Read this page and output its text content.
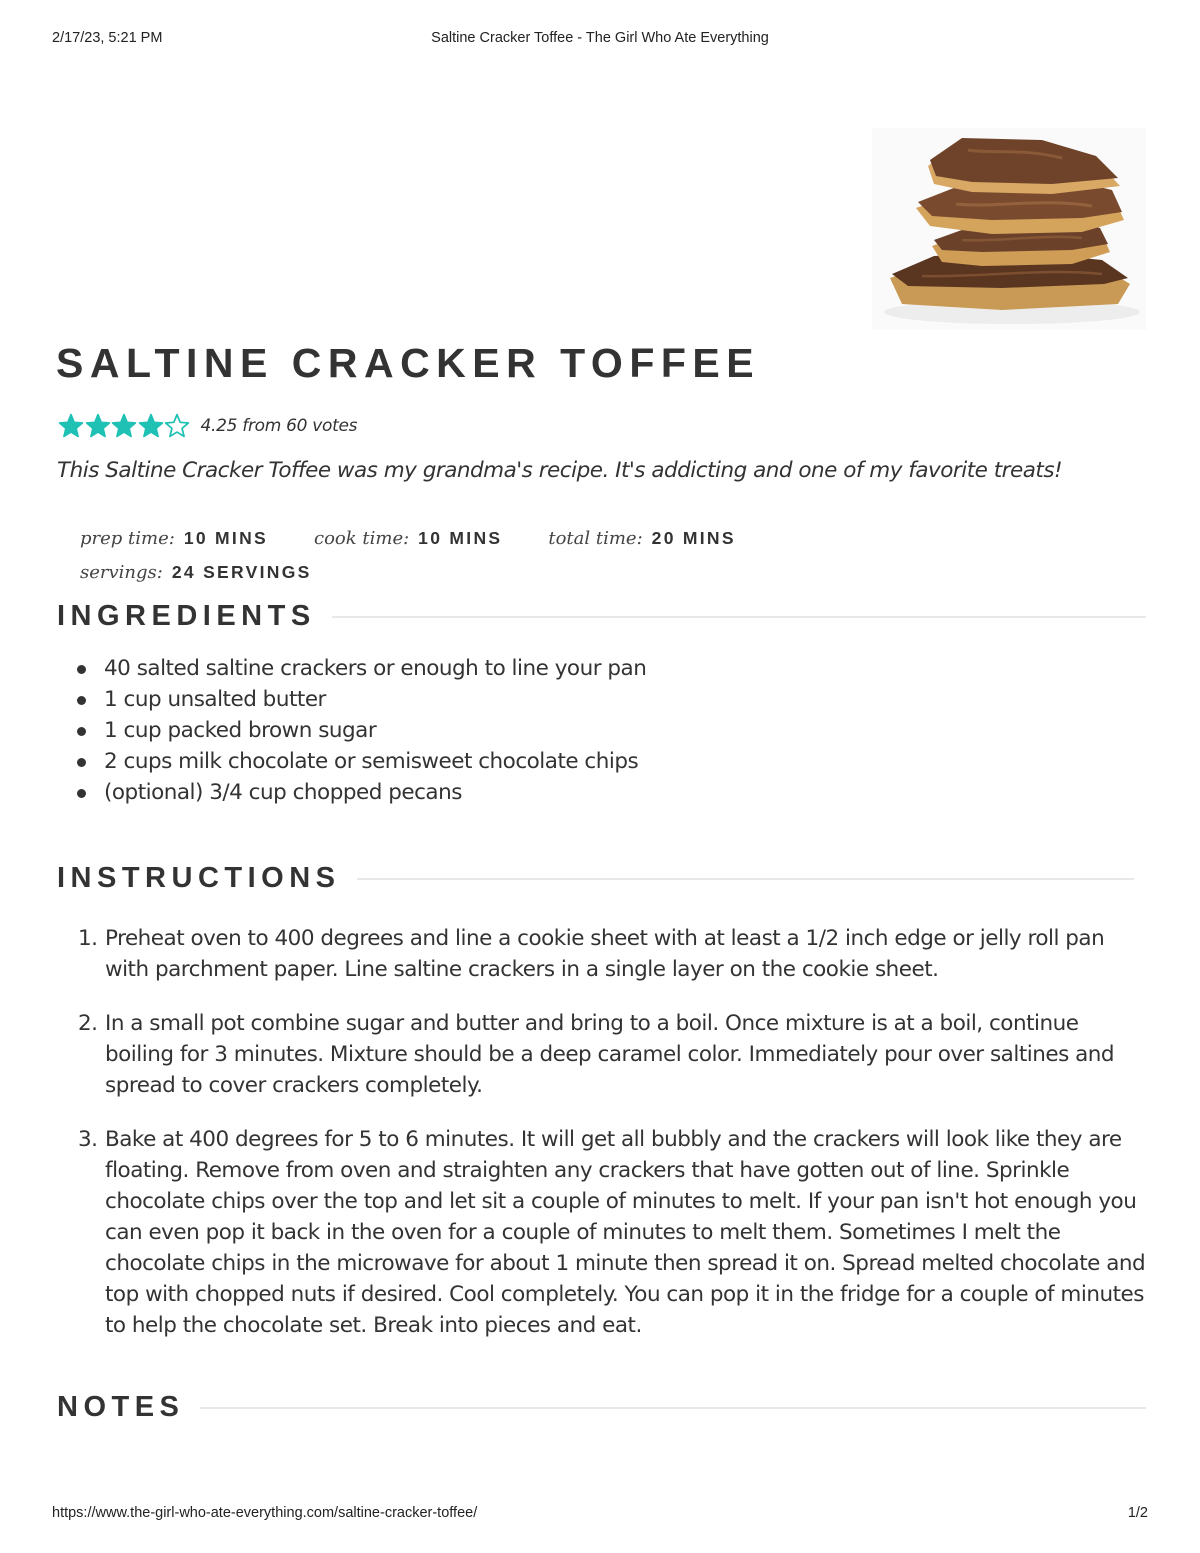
2/17/23, 5:21 PM	Saltine Cracker Toffee - The Girl Who Ate Everything
SALTINE CRACKER TOFFEE
4.25 from 60 votes

This Saltine Cracker Toffee was my grandma's recipe. It's addicting and one of my favorite treats!

prep time: 10 MINS	cook time: 10 MINS	total time: 20 MINS
servings: 24 SERVINGS
INGREDIENTS
40 salted saltine crackers or enough to line your pan
1 cup unsalted butter
1 cup packed brown sugar
2 cups milk chocolate or semisweet chocolate chips
(optional) 3/4 cup chopped pecans
INSTRUCTIONS
1. Preheat oven to 400 degrees and line a cookie sheet with at least a 1/2 inch edge or jelly roll pan with parchment paper. Line saltine crackers in a single layer on the cookie sheet.
2. In a small pot combine sugar and butter and bring to a boil. Once mixture is at a boil, continue boiling for 3 minutes. Mixture should be a deep caramel color. Immediately pour over saltines and spread to cover crackers completely.
3. Bake at 400 degrees for 5 to 6 minutes. It will get all bubbly and the crackers will look like they are floating. Remove from oven and straighten any crackers that have gotten out of line. Sprinkle chocolate chips over the top and let sit a couple of minutes to melt. If your pan isn't hot enough you can even pop it back in the oven for a couple of minutes to melt them. Sometimes I melt the chocolate chips in the microwave for about 1 minute then spread it on. Spread melted chocolate and top with chopped nuts if desired. Cool completely. You can pop it in the fridge for a couple of minutes to help the chocolate set. Break into pieces and eat.
NOTES
https://www.the-girl-who-ate-everything.com/saltine-cracker-toffee/	1/2
